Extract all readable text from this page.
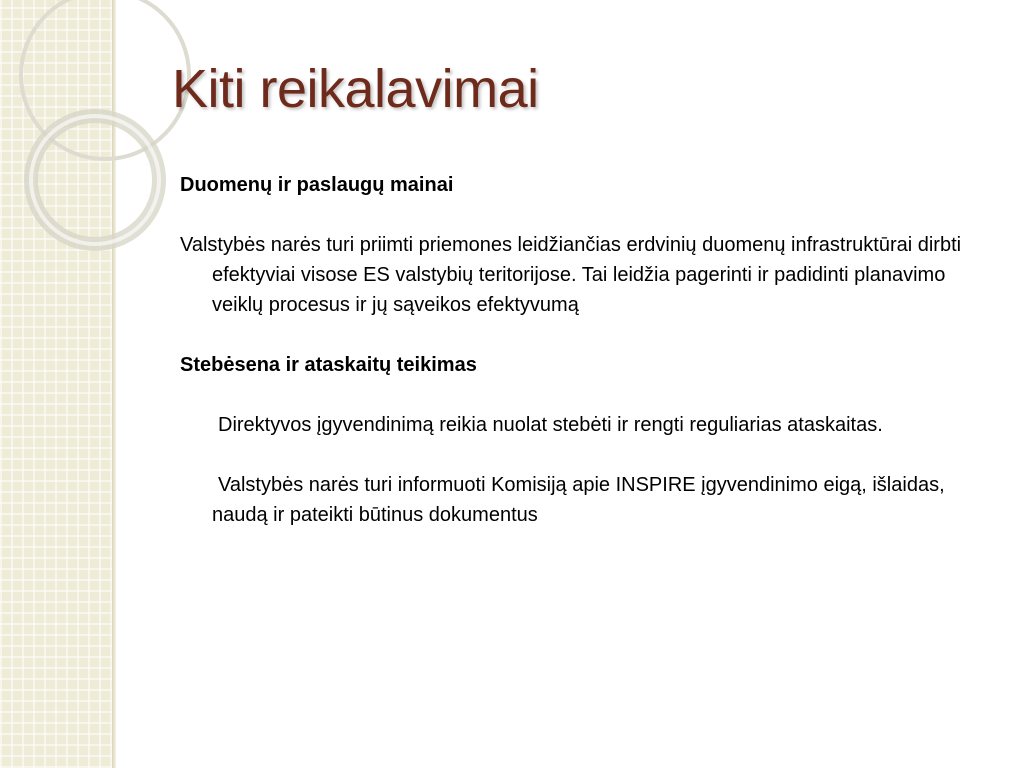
Kiti reikalavimai

Duomenų ir paslaugų mainai

Valstybės narės turi priimti priemones leidžiančias erdvinių duomenų infrastruktūrai dirbti efektyviai visose ES valstybių teritorijose. Tai leidžia pagerinti ir padidinti planavimo veiklų procesus ir jų sąveikos efektyvumą

Stebėsena ir ataskaitų teikimas

Direktyvos įgyvendinimą reikia nuolat stebėti ir rengti reguliarias ataskaitas.

Valstybės narės turi informuoti Komisiją apie INSPIRE įgyvendinimo eigą, išlaidas, naudą ir pateikti būtinus dokumentus
